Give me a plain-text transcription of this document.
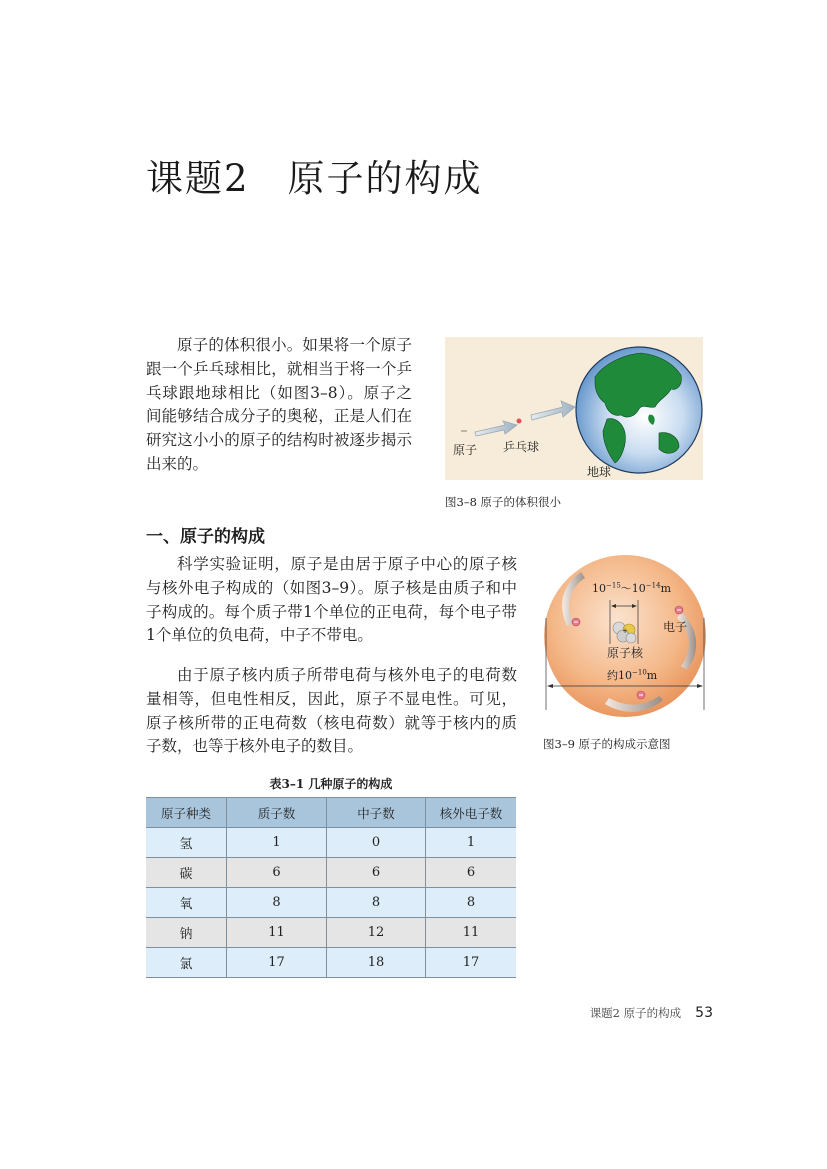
课题2 原子的构成

原子的体积很小。如果将一个原子跟一个乒乓球相比，就相当于将一个乒乓球跟地球相比（如图3–8）。原子之间能够结合成分子的奥秘，正是人们在研究这小小的原子的结构时被逐步揭示出来的。

原子 乒乓球
地球
图3–8 原子的体积很小
一、原子的构成

科学实验证明，原子是由居于原子中心的原子核与核外电子构成的（如图3–9）。原子核是由质子和中子构成的。每个质子带1个单位的正电荷，每个电子带1个单位的负电荷，中子不带电。

由于原子核内质子所带电荷与核外电子的电荷数量相等，但电性相反，因此，原子不显电性。可见，原子核所带的正电荷数（核电荷数）就等于核内的质子数，也等于核外电子的数目。

+
$10^{-15}\sim 10^{-14}m$
电子
原子核
约$10^{-10}m$
图3–9 原子的构成示意图
表3–1 几种原子的构成
原子种类	质子数	中子数	核外电子数
氢	1	0	1
碳	6	6	6
氧	8	8	8
钠	11	12	11
氯	17	18	17
课题2 原子的构成 53
